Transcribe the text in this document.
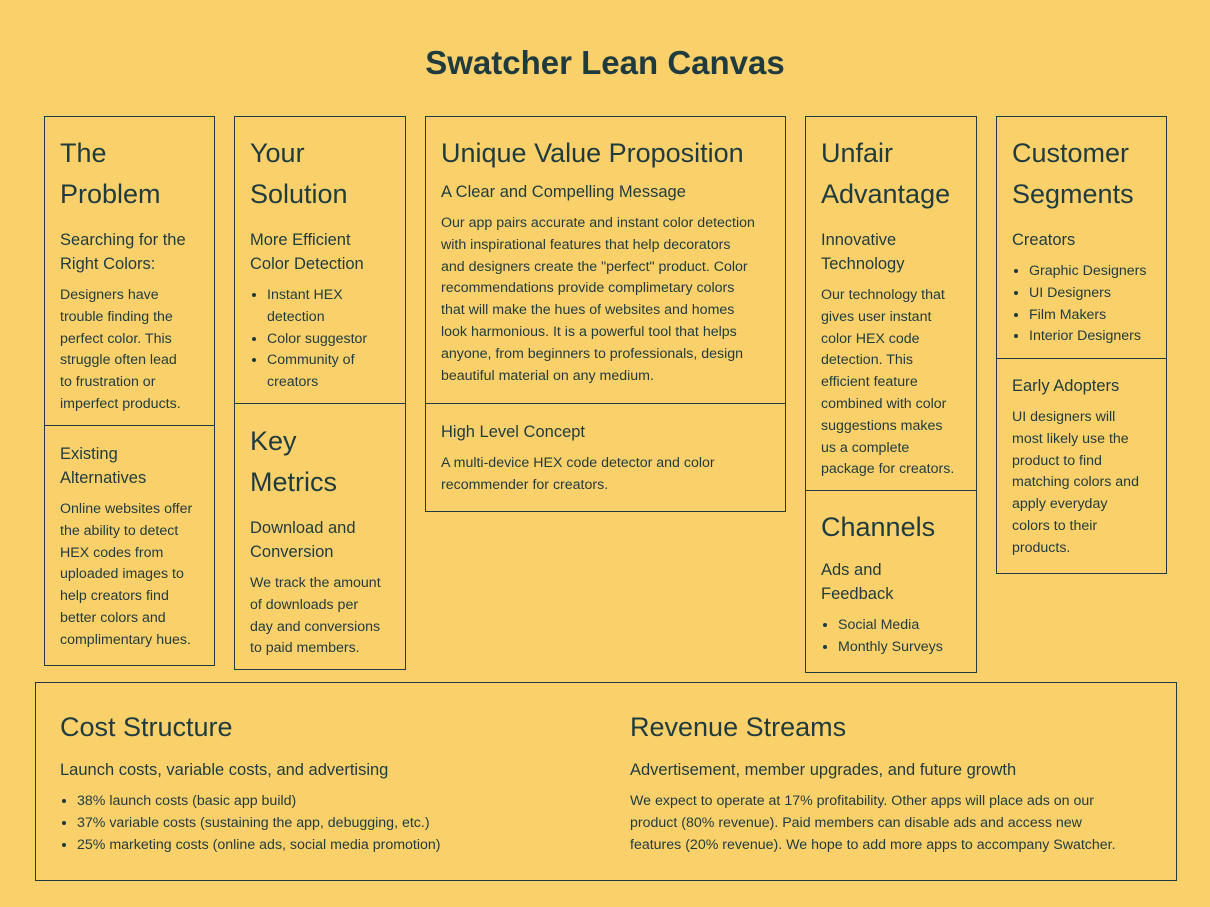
Swatcher Lean Canvas
The
Problem
Searching for the
Right Colors:
Designers have
trouble finding the
perfect color. This
struggle often lead
to frustration or
imperfect products.
Existing
Alternatives
Online websites offer
the ability to detect
HEX codes from
uploaded images to
help creators find
better colors and
complimentary hues.
Your
Solution
More Efficient
Color Detection
• Instant HEX
detection
• Color suggestor
• Community of
creators
Key
Metrics
Download and
Conversion
We track the amount
of downloads per
day and conversions
to paid members.
Unique Value Proposition
A Clear and Compelling Message
Our app pairs accurate and instant color detection
with inspirational features that help decorators
and designers create the "perfect" product. Color
recommendations provide complimetary colors
that will make the hues of websites and homes
look harmonious. It is a powerful tool that helps
anyone, from beginners to professionals, design
beautiful material on any medium.
High Level Concept
A multi-device HEX code detector and color
recommender for creators.
Unfair
Advantage
Innovative
Technology
Our technology that
gives user instant
color HEX code
detection. This
efficient feature
combined with color
suggestions makes
us a complete
package for creators.
Channels
Ads and
Feedback
• Social Media
• Monthly Surveys
Customer
Segments
Creators
• Graphic Designers
• UI Designers
• Film Makers
• Interior Designers
Early Adopters
UI designers will
most likely use the
product to find
matching colors and
apply everyday
colors to their
products.
Cost Structure
Launch costs, variable costs, and advertising
• 38% launch costs (basic app build)
• 37% variable costs (sustaining the app, debugging, etc.)
• 25% marketing costs (online ads, social media promotion)
Revenue Streams
Advertisement, member upgrades, and future growth
We expect to operate at 17% profitability. Other apps will place ads on our
product (80% revenue). Paid members can disable ads and access new
features (20% revenue). We hope to add more apps to accompany Swatcher.
